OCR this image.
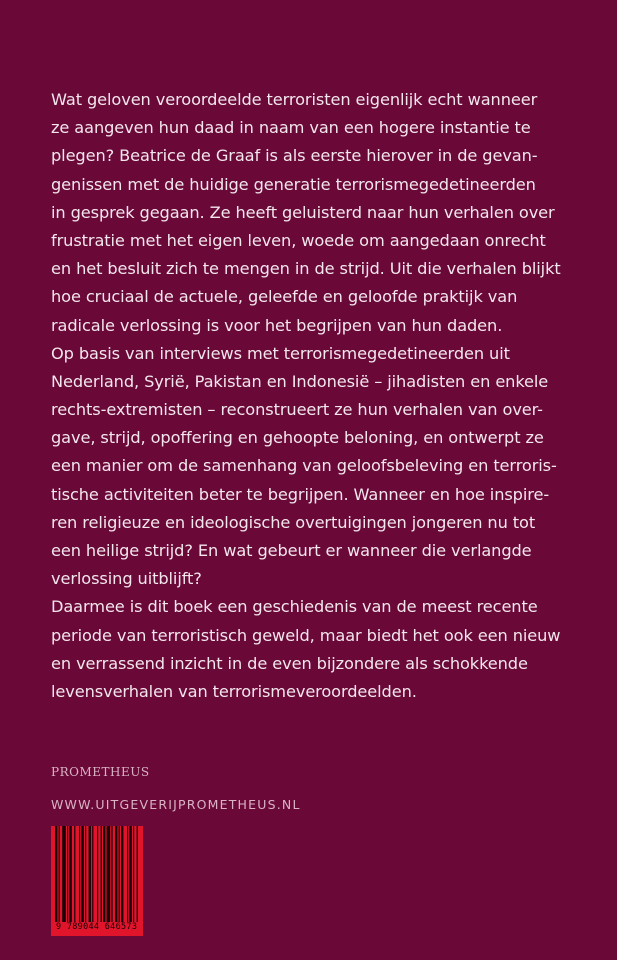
Wat geloven veroordeelde terroristen eigenlijk echt wanneer
ze aangeven hun daad in naam van een hogere instantie te
plegen? Beatrice de Graaf is als eerste hierover in de gevan-
genissen met de huidige generatie terrorismegedetineerden
in gesprek gegaan. Ze heeft geluisterd naar hun verhalen over
frustratie met het eigen leven, woede om aangedaan onrecht
en het besluit zich te mengen in de strijd. Uit die verhalen blijkt
hoe cruciaal de actuele, geleefde en geloofde praktijk van
radicale verlossing is voor het begrijpen van hun daden.
Op basis van interviews met terrorismegedetineerden uit
Nederland, Syrië, Pakistan en Indonesië – jihadisten en enkele
rechts-extremisten – reconstrueert ze hun verhalen van over-
gave, strijd, opoffering en gehoopte beloning, en ontwerpt ze
een manier om de samenhang van geloofsbeleving en terroris-
tische activiteiten beter te begrijpen. Wanneer en hoe inspire-
ren religieuze en ideologische overtuigingen jongeren nu tot
een heilige strijd? En wat gebeurt er wanneer die verlangde
verlossing uitblijft?
Daarmee is dit boek een geschiedenis van de meest recente
periode van terroristisch geweld, maar biedt het ook een nieuw
en verrassend inzicht in de even bijzondere als schokkende
levensverhalen van terrorismeveroordeelden.
PROMETHEUS
WWW.UITGEVERIJPROMETHEUS.NL
9 789044 646573
